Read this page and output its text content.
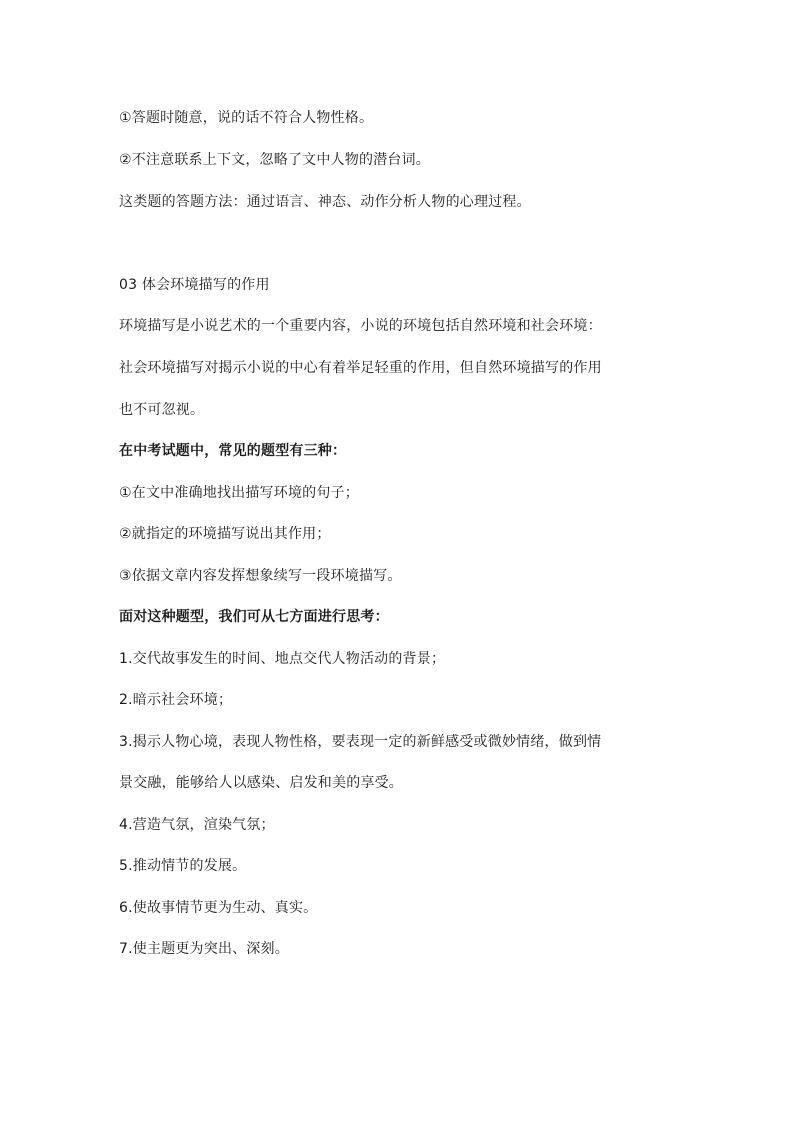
①答题时随意，说的话不符合人物性格。
②不注意联系上下文，忽略了文中人物的潜台词。
这类题的答题方法：通过语言、神态、动作分析人物的心理过程。
03 体会环境描写的作用
环境描写是小说艺术的一个重要内容，小说的环境包括自然环境和社会环境：
社会环境描写对揭示小说的中心有着举足轻重的作用，但自然环境描写的作用
也不可忽视。
在中考试题中，常见的题型有三种：
①在文中准确地找出描写环境的句子；
②就指定的环境描写说出其作用；
③依据文章内容发挥想象续写一段环境描写。
面对这种题型，我们可从七方面进行思考：
1.交代故事发生的时间、地点交代人物活动的背景；
2.暗示社会环境；
3.揭示人物心境，表现人物性格，要表现一定的新鲜感受或微妙情绪，做到情
景交融，能够给人以感染、启发和美的享受。
4.营造气氛，渲染气氛；
5.推动情节的发展。
6.使故事情节更为生动、真实。
7.使主题更为突出、深刻。
